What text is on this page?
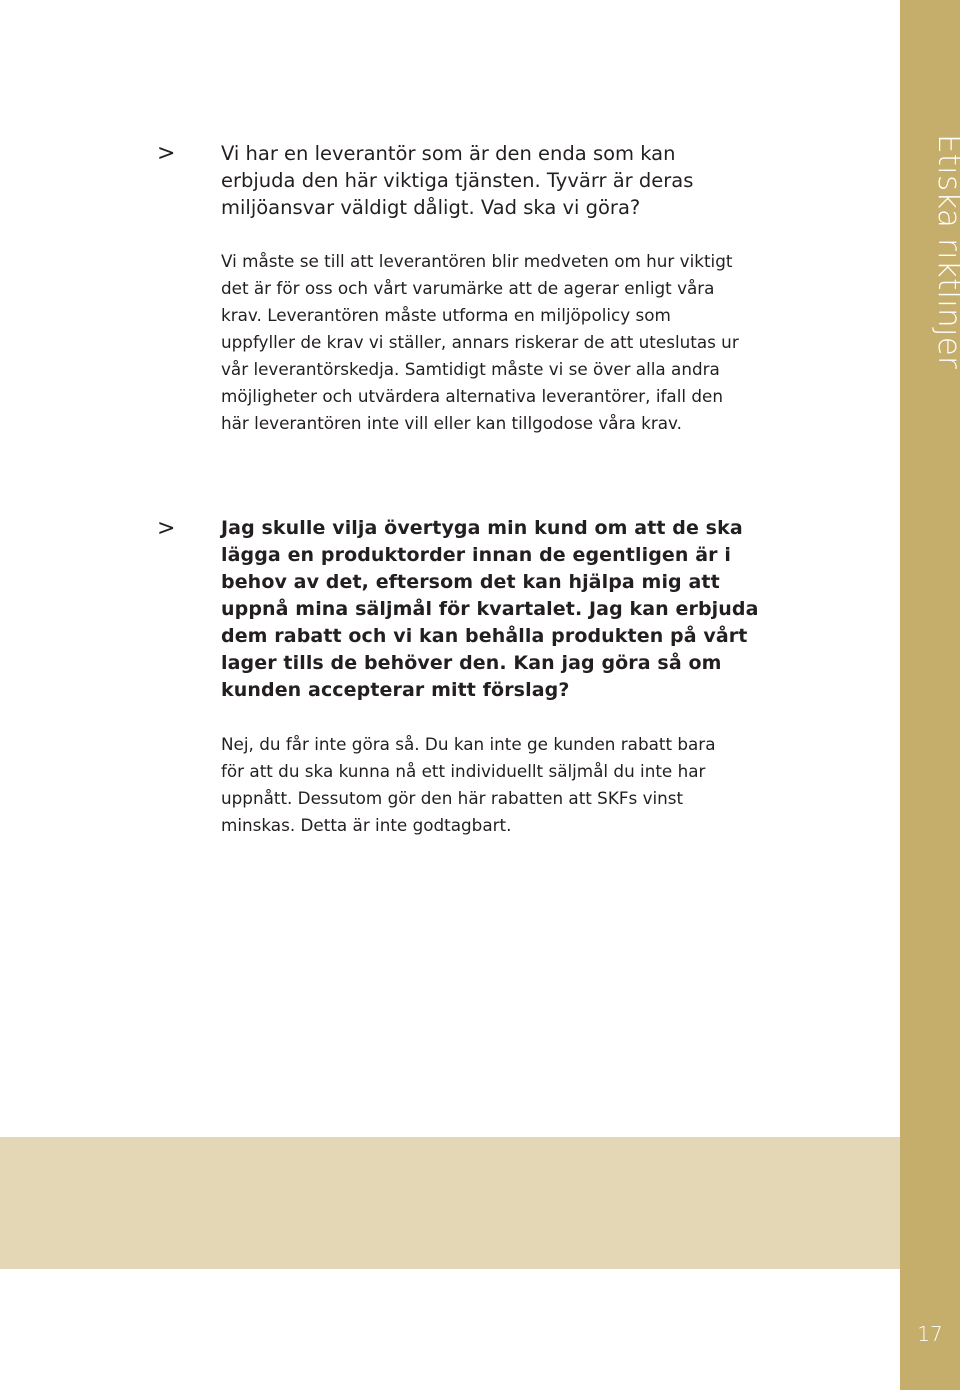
Etiska riktlinjer
17
> Vi har en leverantör som är den enda som kan erbjuda den här viktiga tjänsten. Tyvärr är deras miljöansvar väldigt dåligt. Vad ska vi göra?

Vi måste se till att leverantören blir medveten om hur viktigt det är för oss och vårt varumärke att de agerar enligt våra krav. Leverantören måste utforma en miljöpolicy som uppfyller de krav vi ställer, annars riskerar de att uteslutas ur vår leverantörskedja. Samtidigt måste vi se över alla andra möjligheter och utvärdera alternativa leverantörer, ifall den här leverantören inte vill eller kan tillgodose våra krav.

> Jag skulle vilja övertyga min kund om att de ska lägga en produktorder innan de egentligen är i behov av det, eftersom det kan hjälpa mig att uppnå mina säljmål för kvartalet. Jag kan erbjuda dem rabatt och vi kan behålla produkten på vårt lager tills de behöver den. Kan jag göra så om kunden accepterar mitt förslag?

Nej, du får inte göra så. Du kan inte ge kunden rabatt bara för att du ska kunna nå ett individuellt säljmål du inte har uppnått. Dessutom gör den här rabatten att SKFs vinst minskas. Detta är inte godtagbart.
